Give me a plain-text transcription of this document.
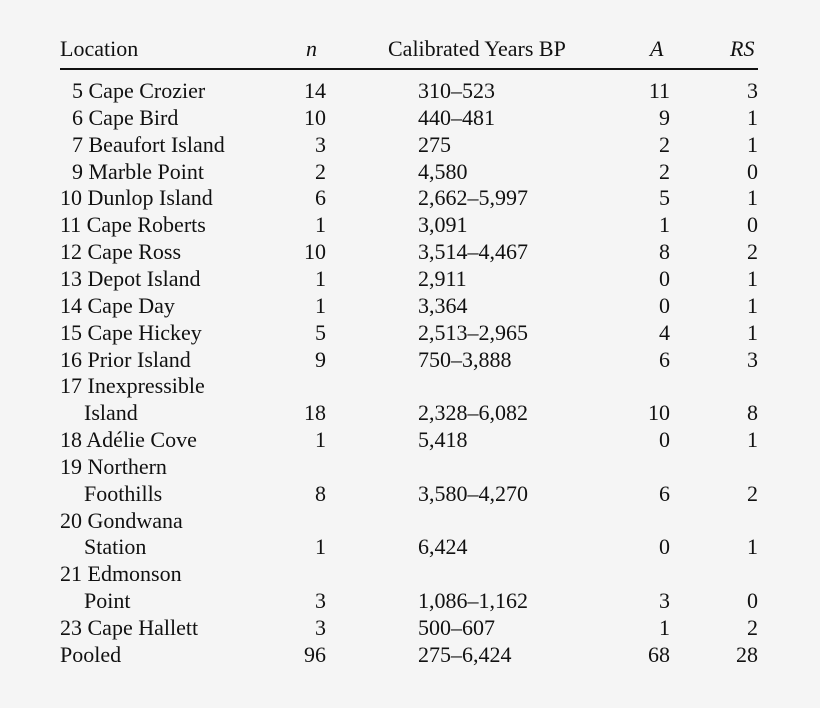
Location	n	Calibrated Years BP	A	RS
5 Cape Crozier	14	310–523	11	3
6 Cape Bird	10	440–481	9	1
7 Beaufort Island	3	275	2	1
9 Marble Point	2	4,580	2	0
10 Dunlop Island	6	2,662–5,997	5	1
11 Cape Roberts	1	3,091	1	0
12 Cape Ross	10	3,514–4,467	8	2
13 Depot Island	1	2,911	0	1
14 Cape Day	1	3,364	0	1
15 Cape Hickey	5	2,513–2,965	4	1
16 Prior Island	9	750–3,888	6	3
17 Inexpressible
Island	18	2,328–6,082	10	8
18 Adélie Cove	1	5,418	0	1
19 Northern
Foothills	8	3,580–4,270	6	2
20 Gondwana
Station	1	6,424	0	1
21 Edmonson
Point	3	1,086–1,162	3	0
23 Cape Hallett	3	500–607	1	2
Pooled	96	275–6,424	68	28
